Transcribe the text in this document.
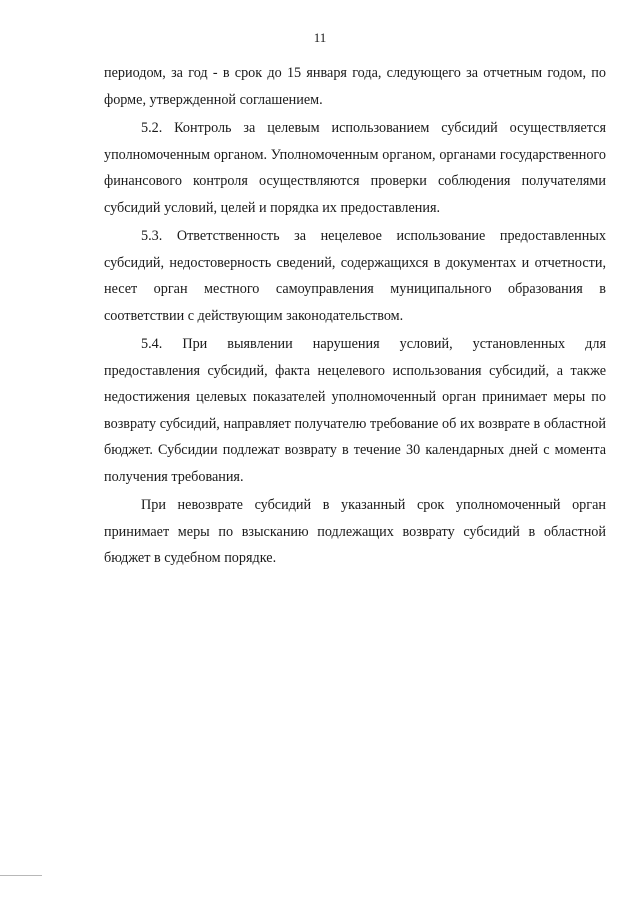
11

периодом, за год - в срок до 15 января года, следующего за отчетным годом, по форме, утвержденной соглашением.

5.2. Контроль за целевым использованием субсидий осуществляется уполномоченным органом. Уполномоченным органом, органами государственного финансового контроля осуществляются проверки соблюдения получателями субсидий условий, целей и порядка их предоставления.

5.3. Ответственность за нецелевое использование предоставленных субсидий, недостоверность сведений, содержащихся в документах и отчетности, несет орган местного самоуправления муниципального образования в соответствии с действующим законодательством.

5.4. При выявлении нарушения условий, установленных для предоставления субсидий, факта нецелевого использования субсидий, а также недостижения целевых показателей уполномоченный орган принимает меры по возврату субсидий, направляет получателю требование об их возврате в областной бюджет. Субсидии подлежат возврату в течение 30 календарных дней с момента получения требования.

При невозврате субсидий в указанный срок уполномоченный орган принимает меры по взысканию подлежащих возврату субсидий в областной бюджет в судебном порядке.
